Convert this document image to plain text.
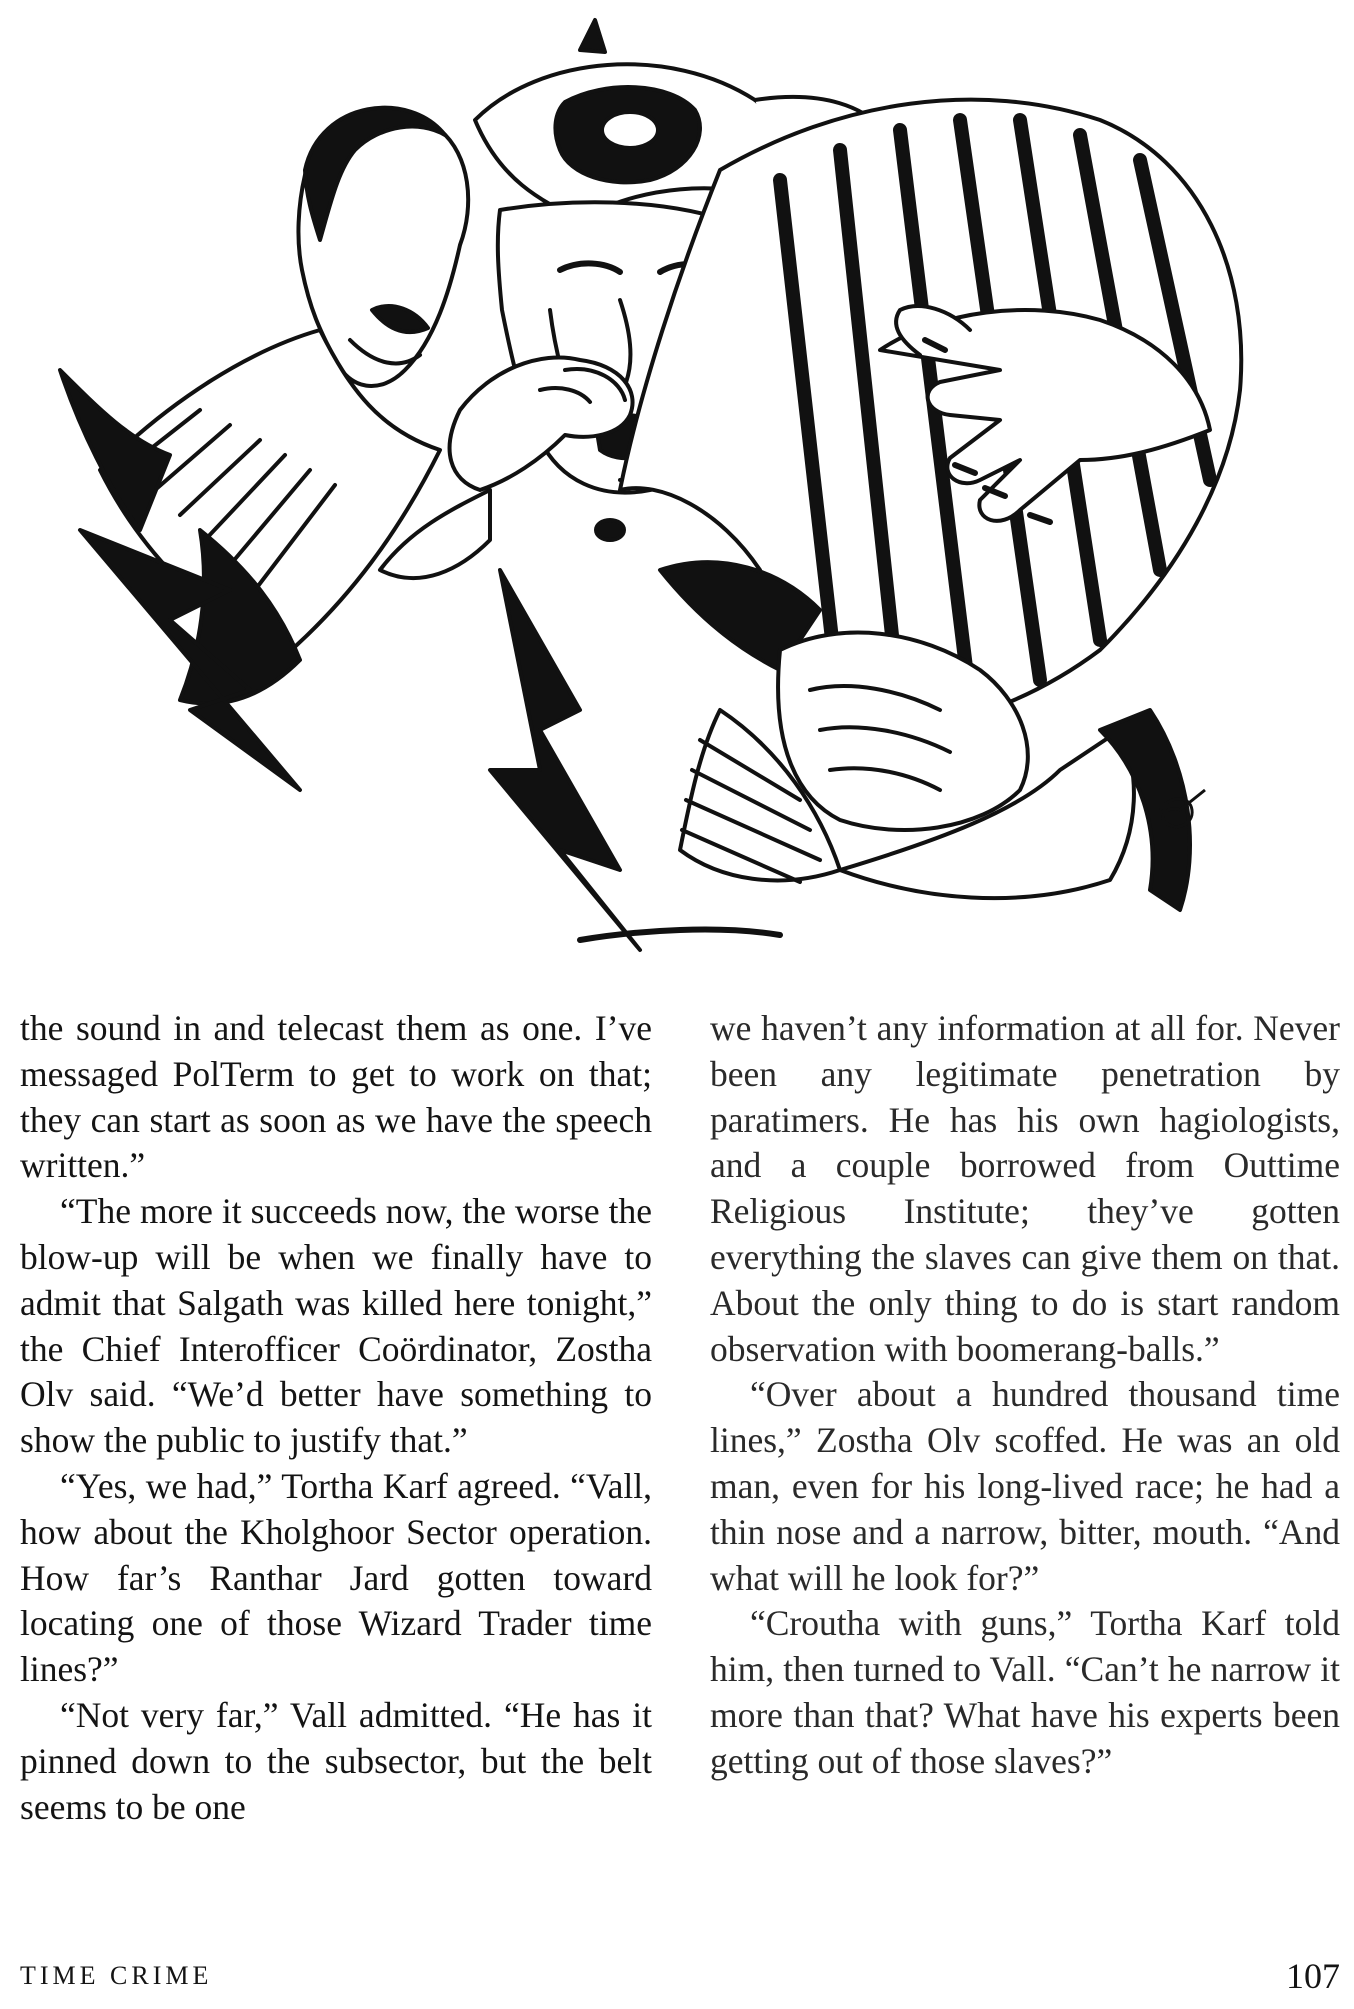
the sound in and telecast them as one. I’ve messaged PolTerm to get to work on that; they can start as soon as we have the speech written.”

“The more it succeeds now, the worse the blow-up will be when we finally have to admit that Salgath was killed here tonight,” the Chief Interofficer Coördinator, Zostha Olv said. “We’d better have something to show the public to justify that.”

“Yes, we had,” Tortha Karf agreed. “Vall, how about the Kholghoor Sector operation. How far’s Ranthar Jard gotten toward locating one of those Wizard Trader time lines?”

“Not very far,” Vall admitted. “He has it pinned down to the subsector, but the belt seems to be one

we haven’t any information at all for. Never been any legitimate penetration by paratimers. He has his own hagiologists, and a couple borrowed from Outtime Religious Institute; they’ve gotten everything the slaves can give them on that. About the only thing to do is start random observation with boomerang-balls.”

“Over about a hundred thousand time lines,” Zostha Olv scoffed. He was an old man, even for his long-lived race; he had a thin nose and a narrow, bitter, mouth. “And what will he look for?”

“Croutha with guns,” Tortha Karf told him, then turned to Vall. “Can’t he narrow it more than that? What have his experts been getting out of those slaves?”

TIME CRIME	107
